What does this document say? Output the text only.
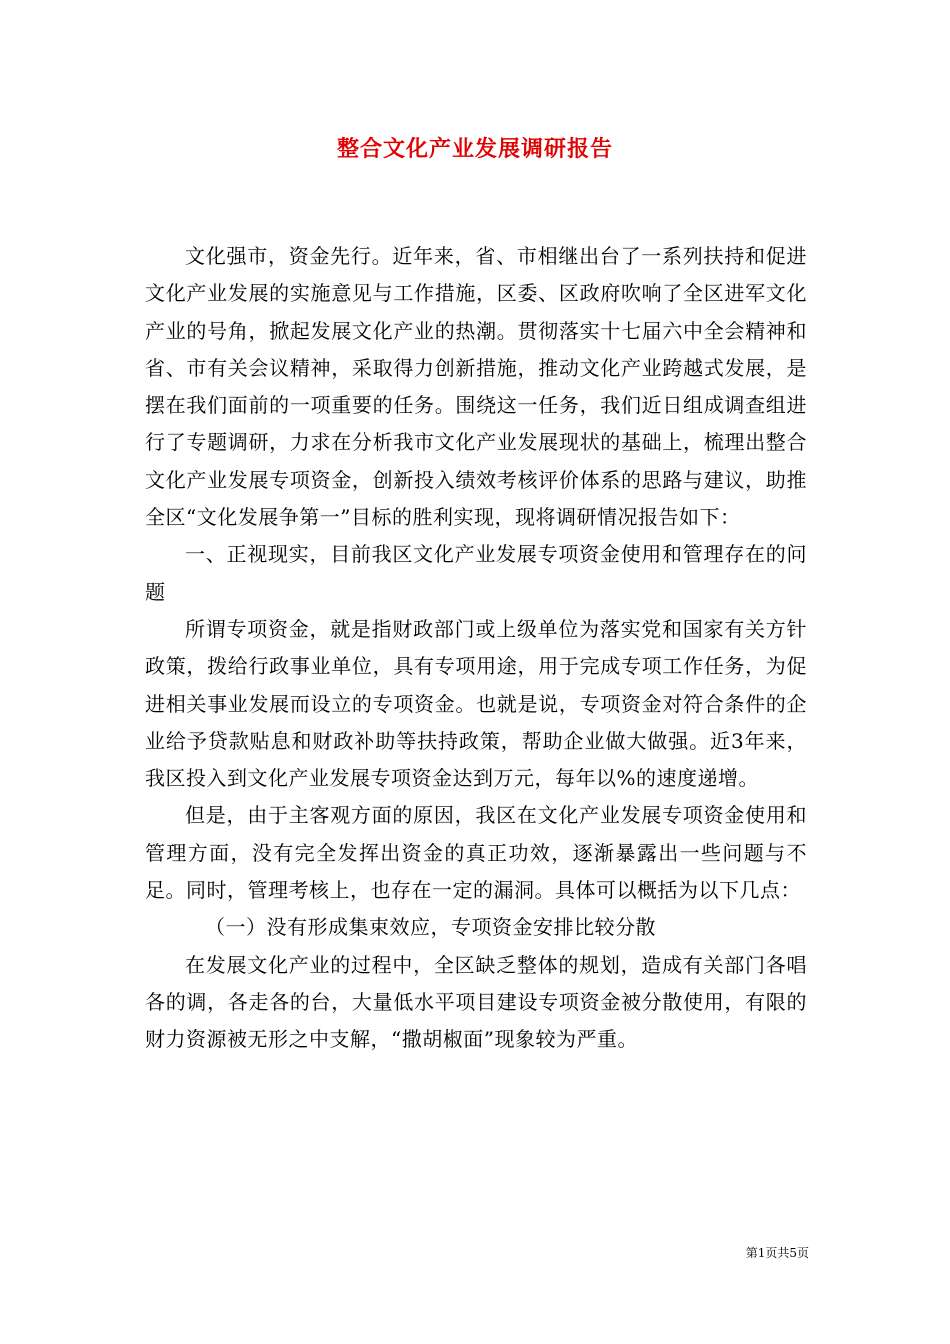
整合文化产业发展调研报告

文化强市，资金先行。近年来，省、市相继出台了一系列扶持和促进文化产业发展的实施意见与工作措施，区委、区政府吹响了全区进军文化产业的号角，掀起发展文化产业的热潮。贯彻落实十七届六中全会精神和省、市有关会议精神，采取得力创新措施，推动文化产业跨越式发展，是摆在我们面前的一项重要的任务。围绕这一任务，我们近日组成调查组进行了专题调研，力求在分析我市文化产业发展现状的基础上，梳理出整合文化产业发展专项资金，创新投入绩效考核评价体系的思路与建议，助推全区“文化发展争第一”目标的胜利实现，现将调研情况报告如下：

一、正视现实，目前我区文化产业发展专项资金使用和管理存在的问题

所谓专项资金，就是指财政部门或上级单位为落实党和国家有关方针政策，拨给行政事业单位，具有专项用途，用于完成专项工作任务，为促进相关事业发展而设立的专项资金。也就是说，专项资金对符合条件的企业给予贷款贴息和财政补助等扶持政策，帮助企业做大做强。近3年来，我区投入到文化产业发展专项资金达到万元，每年以%的速度递增。

但是，由于主客观方面的原因，我区在文化产业发展专项资金使用和管理方面，没有完全发挥出资金的真正功效，逐渐暴露出一些问题与不足。同时，管理考核上，也存在一定的漏洞。具体可以概括为以下几点：

（一）没有形成集束效应，专项资金安排比较分散

在发展文化产业的过程中，全区缺乏整体的规划，造成有关部门各唱各的调，各走各的台，大量低水平项目建设专项资金被分散使用，有限的财力资源被无形之中支解，“撒胡椒面”现象较为严重。

第1页共5页
